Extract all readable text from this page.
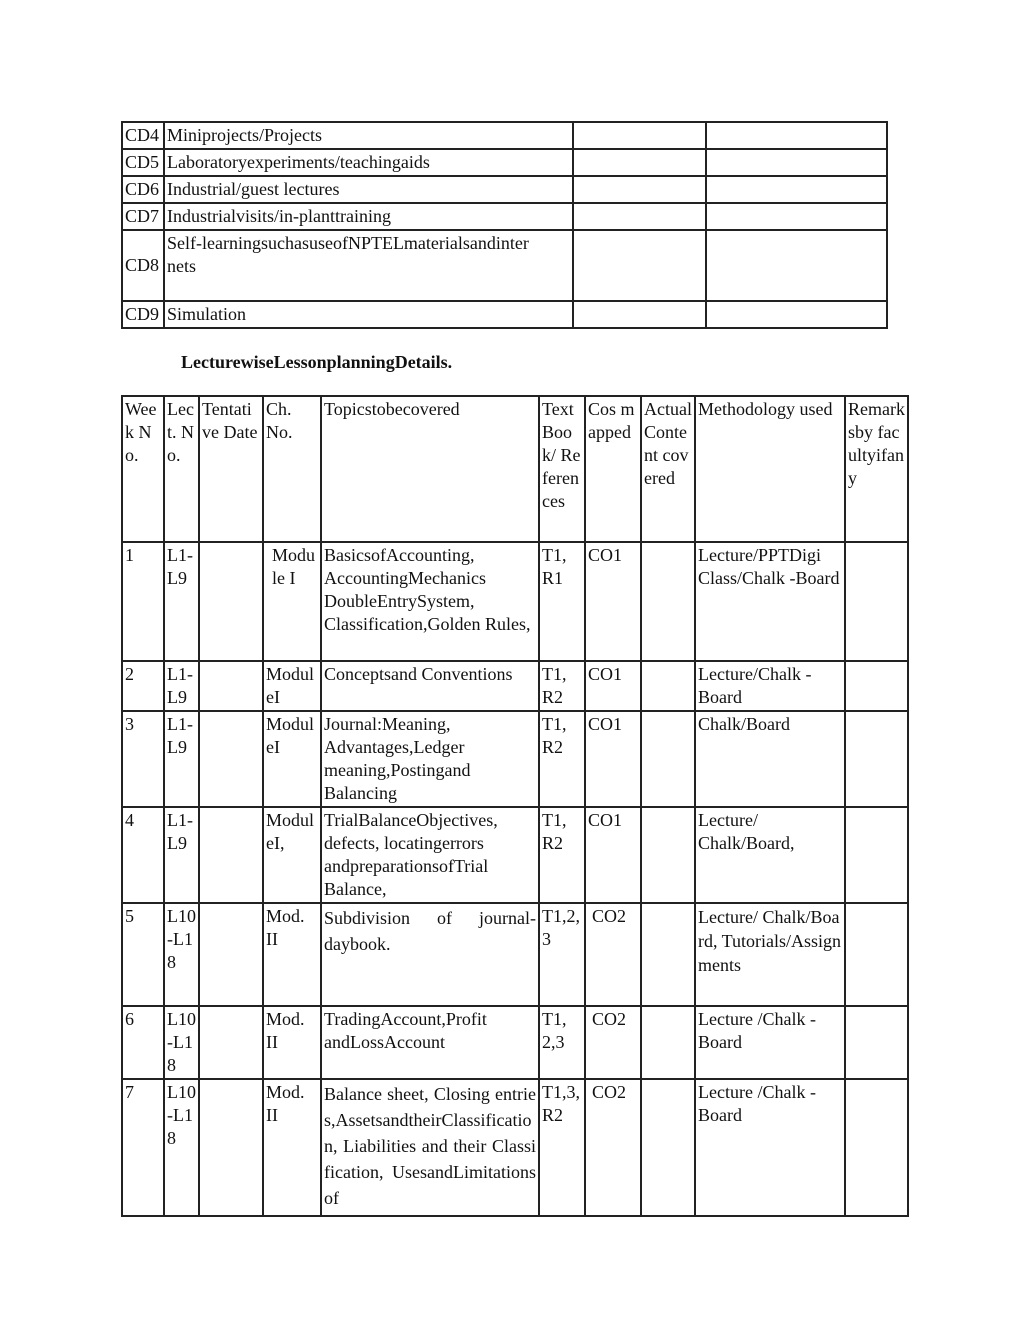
CD4	Miniprojects/Projects		
CD5	Laboratoryexperiments/teachingaids		
CD6	Industrial/guest lectures		
CD7	Industrialvisits/in-planttraining		
CD8	Self-learningsuchasuseofNPTELmaterialsandinternets		
CD9	Simulation		
LecturewiseLessonplanningDetails.
Week No.	Lect. No.	Tentative Date	Ch. No.	Topicstobecovered	Text Book/ References	Cos mapped	Actual Content covered	Methodology used	Remarksby facultyifany
1	L1-L9		Module I	BasicsofAccounting, AccountingMechanics DoubleEntrySystem, Classification,Golden Rules,	T1, R1	CO1		Lecture/PPTDigi Class/Chalk -Board	
2	L1-L9		ModuleI	Conceptsand Conventions	T1, R2	CO1		Lecture/Chalk -Board	
3	L1-L9		ModuleI	Journal:Meaning, Advantages,Ledger meaning,Postingand Balancing	T1, R2	CO1		Chalk/Board	
4	L1-L9		ModuleI,	TrialBalanceObjectives, defects, locatingerrors andpreparationsofTrial Balance,	T1, R2	CO1		Lecture/ Chalk/Board,	
5	L10-L18		Mod. II	Subdivision of journal-daybook.	T1,2,3	CO2		Lecture/ Chalk/Board, Tutorials/Assignments	
6	L10-L18		Mod. II	TradingAccount,Profit andLossAccount	T1, 2,3	CO2		Lecture /Chalk -Board	
7	L10-L18		Mod. II	Balance sheet, Closing entries,AssetsandtheirClassification, Liabilities and their Classification, UsesandLimitationsof	T1,3, R2	CO2		Lecture /Chalk -Board	
